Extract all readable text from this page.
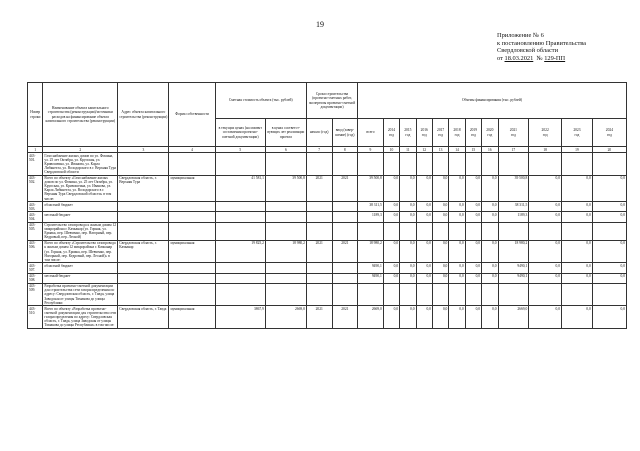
19
Приложение № 6
к постановлению Правительства
Свердловской области
от 18.03.2021 № 129-ПП
Номер строки	Наименование объекта капитального строительства (реконструкции)/источники расходов на финансирование объекта капитального строительства (реконструкции)	Адрес объекта капитального строительства (реконструкции)	Форма собственности	Сметная стоимость объекта (тыс. рублей)		Сроки строительства (проектно-сметных работ, экспертизы проектно-сметной документации)		Объемы финансирования (тыс. рублей)											
				в текущих ценах (на момент составления проектно-сметной документации)	в ценах соответст-вующих лет реализации проекта	начало (год)	ввод (завер-шение) (год)	всего	2014
год	2015
год	2016
год	2017
год	2018
год	2019
год	2020
год	2021
год	2022
год	2023
год	2024
год
1	2	3	4	5	6	7	8	9	10	11	12	13	14	15	16	17	18	19	20
443-501.	Газоснабжение жилых домов по ул. Фомина, ул. 25 лет Октября, ул. Крупская, ул. Кривошеина, ул. Иванова, ул. Карла Либкнехта, ул. Володарского в г. Верхняя Тура Свердловской области																		
443-502.	Всего по объекту «Газоснабжение жилых домов по ул. Фомина, ул. 25 лет Октября, ул. Крупская, ул. Кривошеина, ул. Иванова, ул. Карла Либкнехта, ул. Володарского в г. Верхняя Тура Свердловской области» в том числе:	Свердловская область, г. Верхняя Тура	муниципальная	41 581,1	39 500,8	2021	2021	39 500,8	0,0	0,0	0,0	0,0	0,0	0,0	0,0	39 500,8	0,0	0,0	0,0
443-503.	областной бюджет							38 311,5	0,0	0,0	0,0	0,0	0,0	0,0	0,0	38 311,5	0,0	0,0	0,0
443-504.	местный бюджет							1189,3	0,0	0,0	0,0	0,0	0,0	0,0	0,0	1189,3	0,0	0,0	0,0
443-505.	Строительство газопровода к жилым домам 12 микрорайона г. Качканар (ул. Горняк, ул. Ермака, пер. Шевченко, пер. Нагорный, пер. Кедровый, пер. Лесной)																		
443-506.	Всего по объекту «Строительство газопровода к жилым домам 12 микрорайона г. Качканар (ул. Горняк, ул. Ермака, пер. Шевченко, пер. Нагорный, пер. Кедровый, пер. Лесной)» в том числе:	Свердловская область, г. Качканар	муниципальная	19 825,2	18 980,2	2021	2021	18 980,2	0,0	0,0	0,0	0,0	0,0	0,0	0,0	18 980,2	0,0	0,0	0,0
443-507.	областной бюджет							9490,1	0,0	0,0	0,0	0,0	0,0	0,0	0,0	9490,1	0,0	0,0	0,0
443-508.	местный бюджет							9490,1	0,0	0,0	0,0	0,0	0,0	0,0	0,0	9490,1	0,0	0,0	0,0
443-509.	Разработка проектно-сметной документации для строительства сети газораспределения по адресу: Свердловская область, г. Тавда, улица Заводская от улицы Тимакова до улицы Республики																		
443-510.	Всего по объекту «Разработка проектно-сметной документации для строительства сети газораспределения по адресу: Свердловская область, г. Тавда, улица Заводская от улицы Тимакова до улицы Республики» в том числе:	Свердловская область, г. Тавда	муниципальная	3867,9	2669,0	2021	2021	2669,0	0,0	0,0	0,0	0,0	0,0	0,0	0,0	2669,0	0,0	0,0	0,0
